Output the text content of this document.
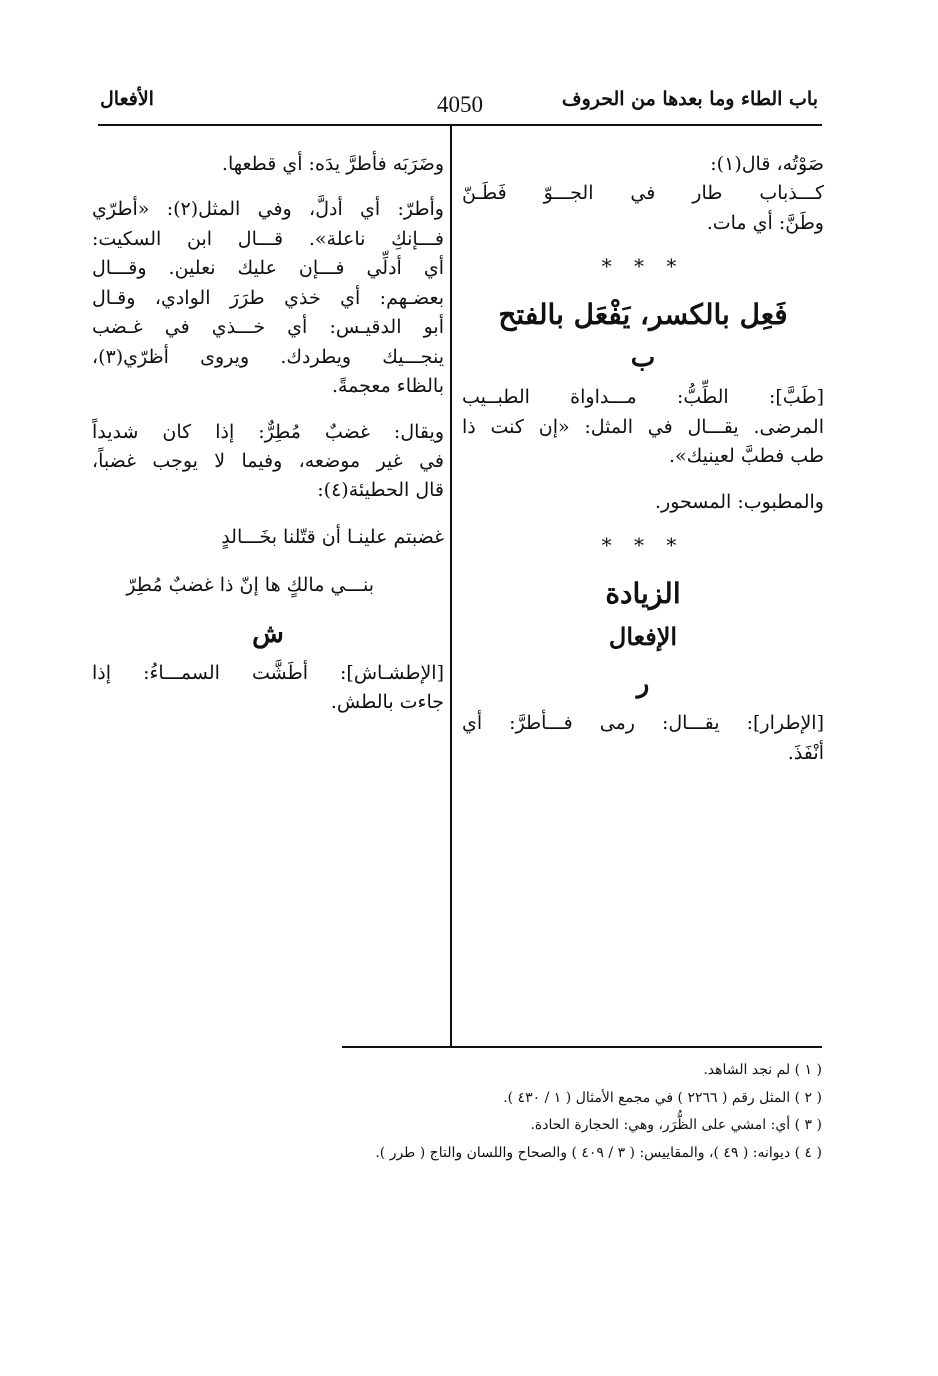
باب الطاء وما بعدها من الحروف
4050
الأفعال

صَوْتُه، قال(١):

كـــذباب طار في الجـــوّ فَطَـنّ

وطَنَّ: أي مات.

* * *
فَعِل بالكسر، يَفْعَل بالفتح
ب

[طَبَّ]: الطِّبُّ: مـــداواة الطبــيب

المرضى. يقـــال في المثل: «إن كنت ذا

طب فطبَّ لعينيك».

والمطبوب: المسحور.

* * *
الزيادة
الإفعال
ر

[الإطرار]: يقـــال: رمى فـــأطرَّ: أي

أنْفَذَ.

وضَرَبَه فأطرَّ يدَه: أي قطعها.

وأطرّ: أي أدلَّ، وفي المثل(٢): «أطرّي

فـــإنكِ ناعلة». قـــال ابن السكيت:

أي أدلِّي فـــإن عليك نعلين. وقـــال

بعضـهم: أي خذي طرَرَ الوادي، وقـال

أبو الدقيـس: أي خـــذي في غـضب

ينجـــيك ويطردك. ويروى أظرّي(٣)،

بالظاء معجمةً.

ويقال: غضبٌ مُطِرٌّ: إذا كان شديداً

في غير موضعه، وفيما لا يوجب غضباً،

قال الحطيئة(٤):

غضبتم علينـا أن قتّلنا بخَـــالدٍ

بنـــي مالكٍ ها إنّ ذا غضبٌ مُطِرّ

ش

[الإطشـاش]: أطَشَّت السمـــاءُ: إذا

جاءت بالطش.

( ١ ) لم نجد الشاهد.

( ٢ ) المثل رقم ( ٢٢٦٦ ) في مجمع الأمثال ( ١ / ٤٣٠ ).

( ٣ ) أي: امشي على الظُّرَر، وهي: الحجارة الحادة.

( ٤ ) ديوانه: ( ٤٩ )، والمقاييس: ( ٣ / ٤٠٩ ) والصحاح واللسان والتاج ( طرر ).
